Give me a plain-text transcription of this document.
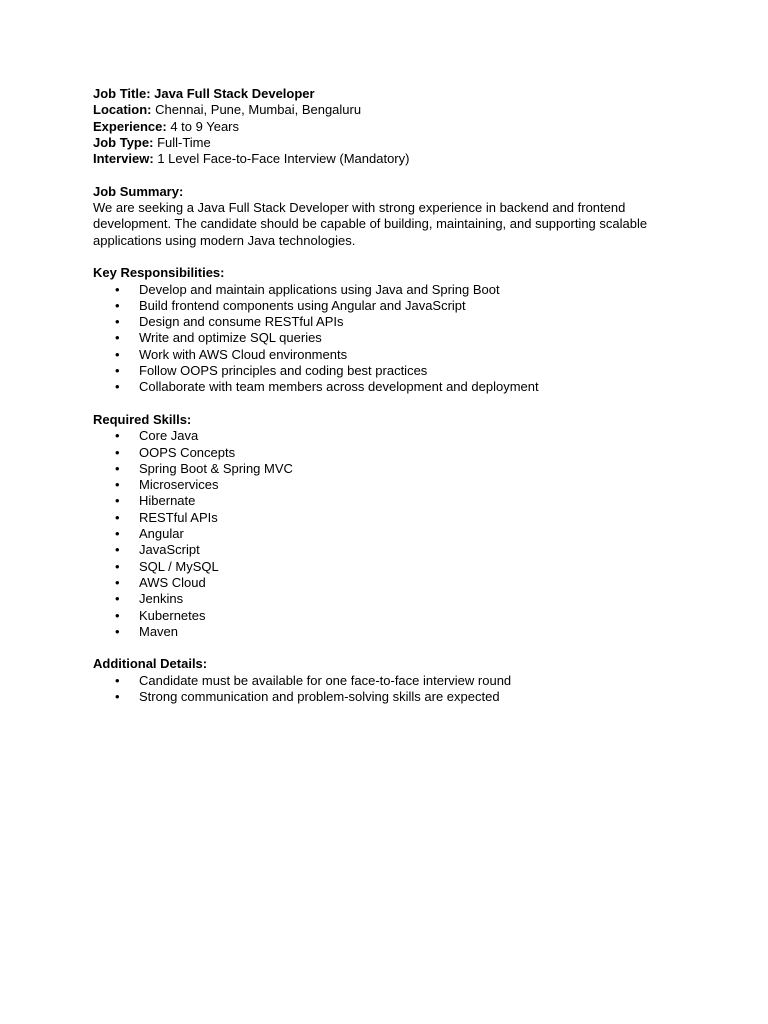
Job Title: Java Full Stack Developer

Location: Chennai, Pune, Mumbai, Bengaluru

Experience: 4 to 9 Years

Job Type: Full-Time

Interview: 1 Level Face-to-Face Interview (Mandatory)

Job Summary:

We are seeking a Java Full Stack Developer with strong experience in backend and frontend development. The candidate should be capable of building, maintaining, and supporting scalable applications using modern Java technologies.

Key Responsibilities:

• Develop and maintain applications using Java and Spring Boot
• Build frontend components using Angular and JavaScript
• Design and consume RESTful APIs
• Write and optimize SQL queries
• Work with AWS Cloud environments
• Follow OOPS principles and coding best practices
• Collaborate with team members across development and deployment

Required Skills:

• Core Java
• OOPS Concepts
• Spring Boot & Spring MVC
• Microservices
• Hibernate
• RESTful APIs
• Angular
• JavaScript
• SQL / MySQL
• AWS Cloud
• Jenkins
• Kubernetes
• Maven

Additional Details:

• Candidate must be available for one face-to-face interview round
• Strong communication and problem-solving skills are expected
